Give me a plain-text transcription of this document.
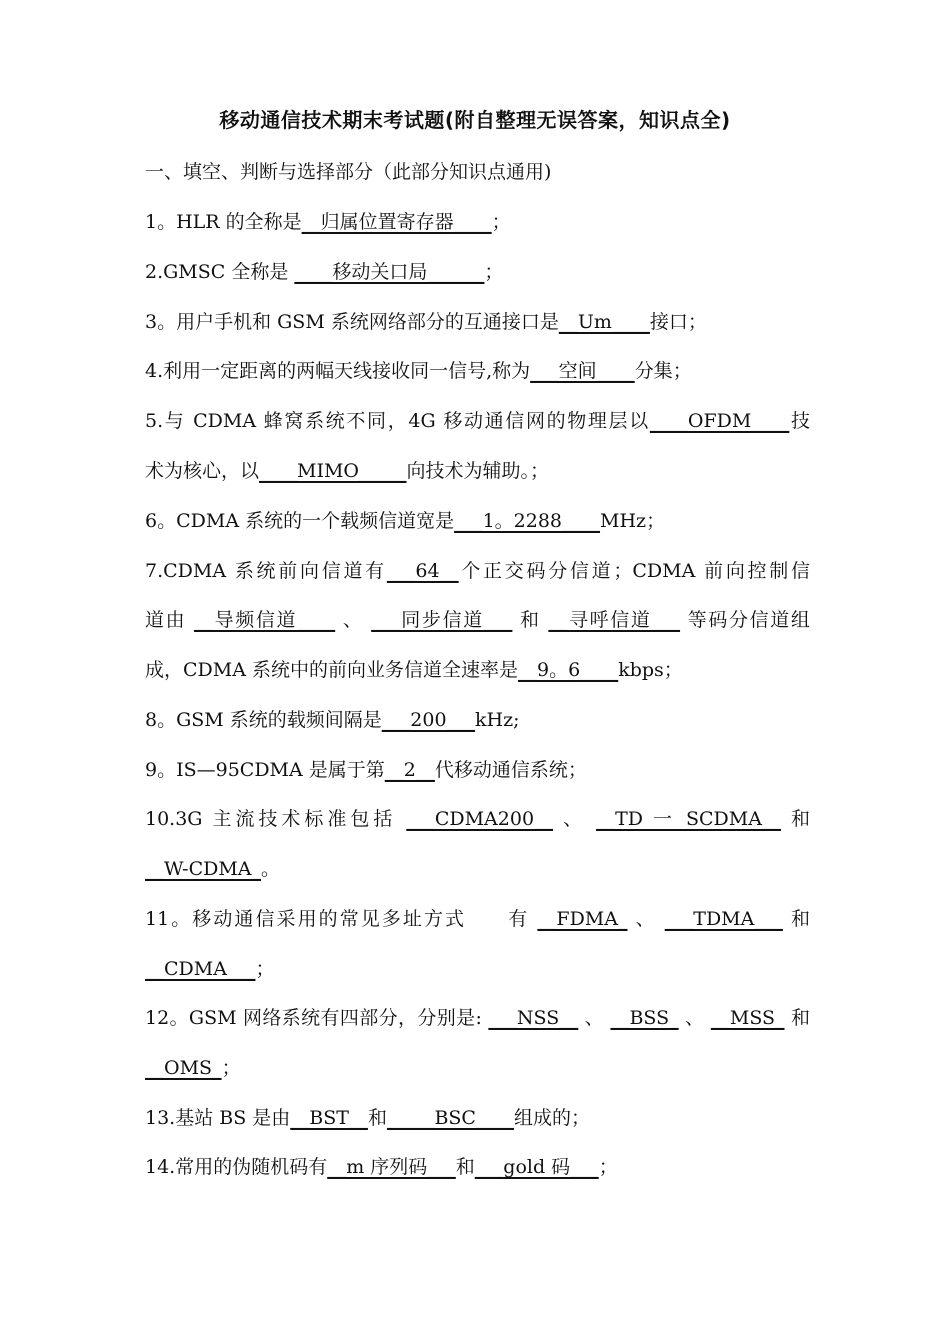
移动通信技术期末考试题(附自整理无误答案，知识点全)
一、填空、判断与选择部分（此部分知识点通用)
1。HLR 的全称是__归属位置寄存器____；
2.GMSC 全称是 ____移动关口局______；
3。用户手机和 GSM 系统网络部分的互通接口是__Um____接口；
4.利用一定距离的两幅天线接收同一信号,称为___空间____分集；
5.与 CDMA 蜂窝系统不同，4G 移动通信网的物理层以____OFDM____技
术为核心，以____MIMO_____向技术为辅助。；
6。CDMA 系统的一个载频信道宽是___1。2288____MHz；
7.CDMA 系统前向信道有___64__个正交码分信道；CDMA 前向控制信
道由 __导频信道____ 、 ___同步信道___ 和 __寻呼信道___ 等码分信道组
成，CDMA 系统中的前向业务信道全速率是__9。6____kbps；
8。GSM 系统的载频间隔是___200___kHz;
9。IS—95CDMA 是属于第__2__代移动通信系统；
10.3G 主流技术标准包括 ___CDMA200__ 、 __TD 一 SCDMA__ 和
__W-CDMA_。
11。移动通信采用的常见多址方式　　有 __FDMA_ 、 ___TDMA___ 和
__CDMA___；
12。GSM 网络系统有四部分，分别是: ___NSS__ 、 __BSS_ 、 __MSS_ 和
__OMS_；
13.基站 BS 是由__BST__和_____BSC____组成的；
14.常用的伪随机码有__m 序列码___和___gold 码___；
